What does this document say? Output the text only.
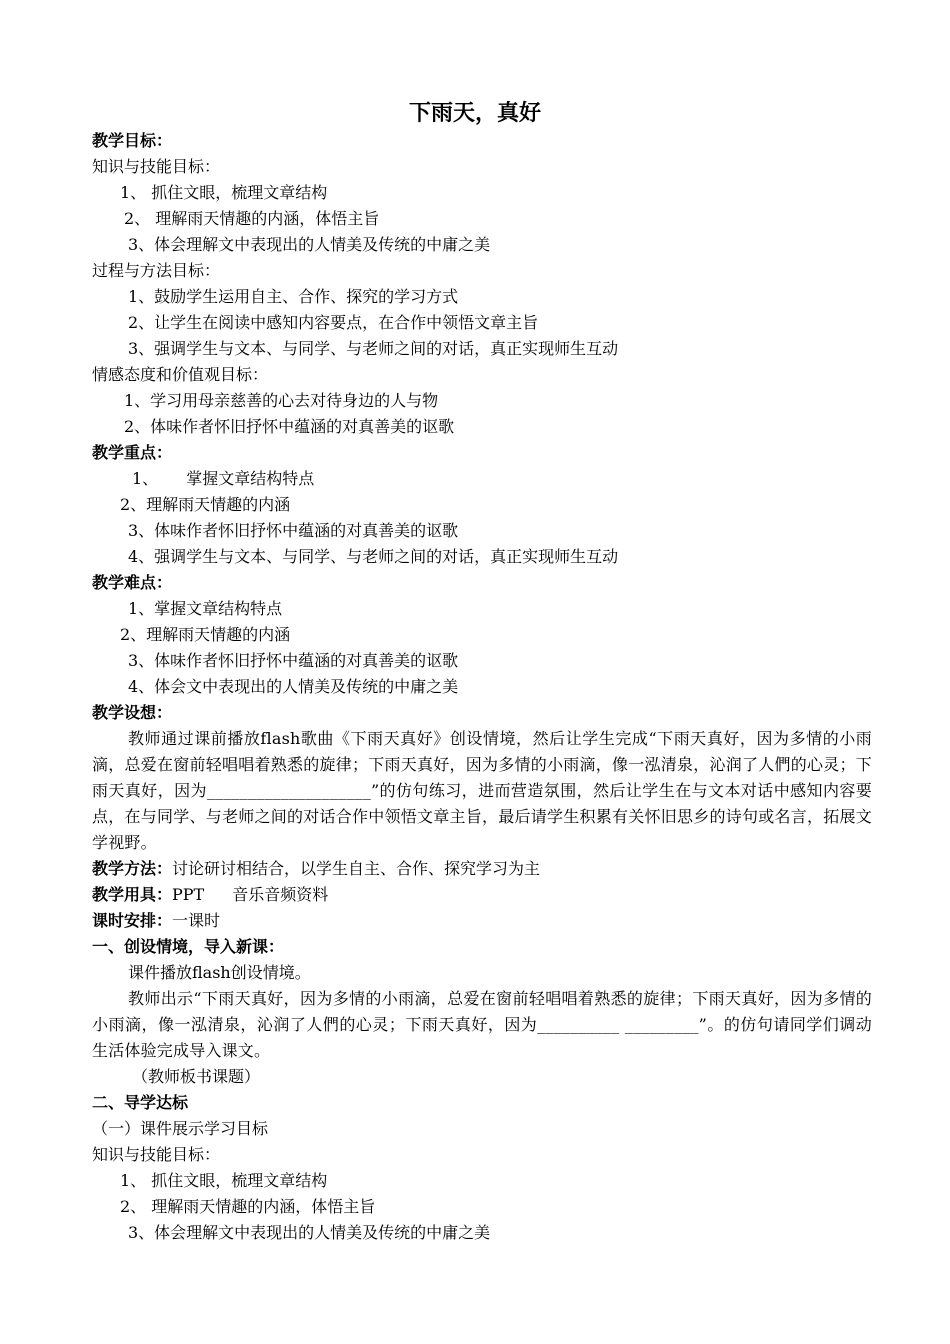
下雨天，真好
教学目标：
知识与技能目标：
1、 抓住文眼，梳理文章结构
2、 理解雨天情趣的内涵，体悟主旨
3、体会理解文中表现出的人情美及传统的中庸之美
过程与方法目标：
1、鼓励学生运用自主、合作、探究的学习方式
2、让学生在阅读中感知内容要点，在合作中领悟文章主旨
3、强调学生与文本、与同学、与老师之间的对话，真正实现师生互动
情感态度和价值观目标：
1、学习用母亲慈善的心去对待身边的人与物
2、体味作者怀旧抒怀中蕴涵的对真善美的讴歌
教学重点：
1、 掌握文章结构特点
2、理解雨天情趣的内涵
3、体味作者怀旧抒怀中蕴涵的对真善美的讴歌
4、强调学生与文本、与同学、与老师之间的对话，真正实现师生互动
教学难点：
1、掌握文章结构特点
2、理解雨天情趣的内涵
3、体味作者怀旧抒怀中蕴涵的对真善美的讴歌
4、体会文中表现出的人情美及传统的中庸之美
教学设想：
教师通过课前播放flash歌曲《下雨天真好》创设情境，然后让学生完成“下雨天真好，因为多情的小雨滴，总爱在窗前轻唱唱着熟悉的旋律；下雨天真好，因为多情的小雨滴，像一泓清泉，沁润了人們的心灵；下雨天真好，因为____________________”的仿句练习，进而营造氛围，然后让学生在与文本对话中感知内容要点，在与同学、与老师之间的对话合作中领悟文章主旨，最后请学生积累有关怀旧思乡的诗句或名言，拓展文学视野。
教学方法：讨论研讨相结合，以学生自主、合作、探究学习为主
教学用具：PPT 音乐音频资料
课时安排：一课时
一、创设情境，导入新课：
课件播放flash创设情境。
教师出示“下雨天真好，因为多情的小雨滴，总爱在窗前轻唱唱着熟悉的旋律；下雨天真好，因为多情的小雨滴，像一泓清泉，沁润了人們的心灵；下雨天真好，因为__________ _________”。的仿句请同学们调动生活体验完成导入课文。
（教师板书课题）
二、导学达标
（一）课件展示学习目标
知识与技能目标：
1、 抓住文眼，梳理文章结构
2、 理解雨天情趣的内涵，体悟主旨
3、体会理解文中表现出的人情美及传统的中庸之美
